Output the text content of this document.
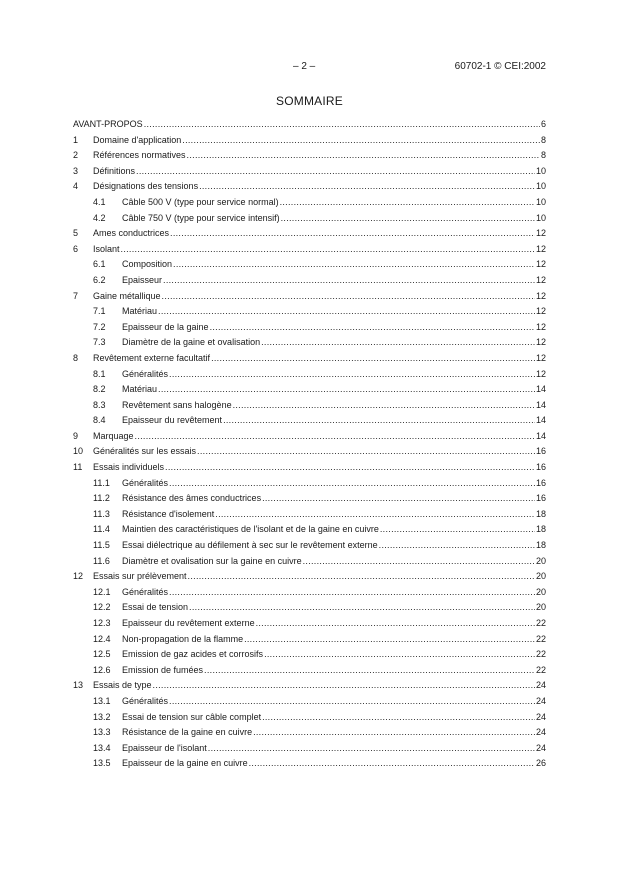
– 2 –	60702-1 © CEI:2002
SOMMAIRE
AVANT-PROPOS .....	6
1	Domaine d'application .....	8
2	Références normatives .....	8
3	Définitions .....	10
4	Désignations des tensions .....	10
4.1	Câble 500 V (type pour service normal) .....	10
4.2	Câble 750 V (type pour service intensif) .....	10
5	Ames conductrices .....	12
6	Isolant .....	12
6.1	Composition .....	12
6.2	Epaisseur .....	12
7	Gaine métallique .....	12
7.1	Matériau .....	12
7.2	Epaisseur de la gaine .....	12
7.3	Diamètre de la gaine et ovalisation .....	12
8	Revêtement externe facultatif .....	12
8.1	Généralités .....	12
8.2	Matériau .....	14
8.3	Revêtement sans halogène .....	14
8.4	Epaisseur du revêtement .....	14
9	Marquage .....	14
10	Généralités sur les essais .....	16
11	Essais individuels .....	16
11.1	Généralités .....	16
11.2	Résistance des âmes conductrices .....	16
11.3	Résistance d'isolement .....	18
11.4	Maintien des caractéristiques de l'isolant et de la gaine en cuivre .....	18
11.5	Essai diélectrique au défilement à sec sur le revêtement externe .....	18
11.6	Diamètre et ovalisation sur la gaine en cuivre .....	20
12	Essais sur prélèvement .....	20
12.1	Généralités .....	20
12.2	Essai de tension .....	20
12.3	Epaisseur du revêtement externe .....	22
12.4	Non-propagation de la flamme .....	22
12.5	Emission de gaz acides et corrosifs .....	22
12.6	Emission de fumées .....	22
13	Essais de type .....	24
13.1	Généralités .....	24
13.2	Essai de tension sur câble complet .....	24
13.3	Résistance de la gaine en cuivre .....	24
13.4	Epaisseur de l'isolant .....	24
13.5	Epaisseur de la gaine en cuivre .....	26
